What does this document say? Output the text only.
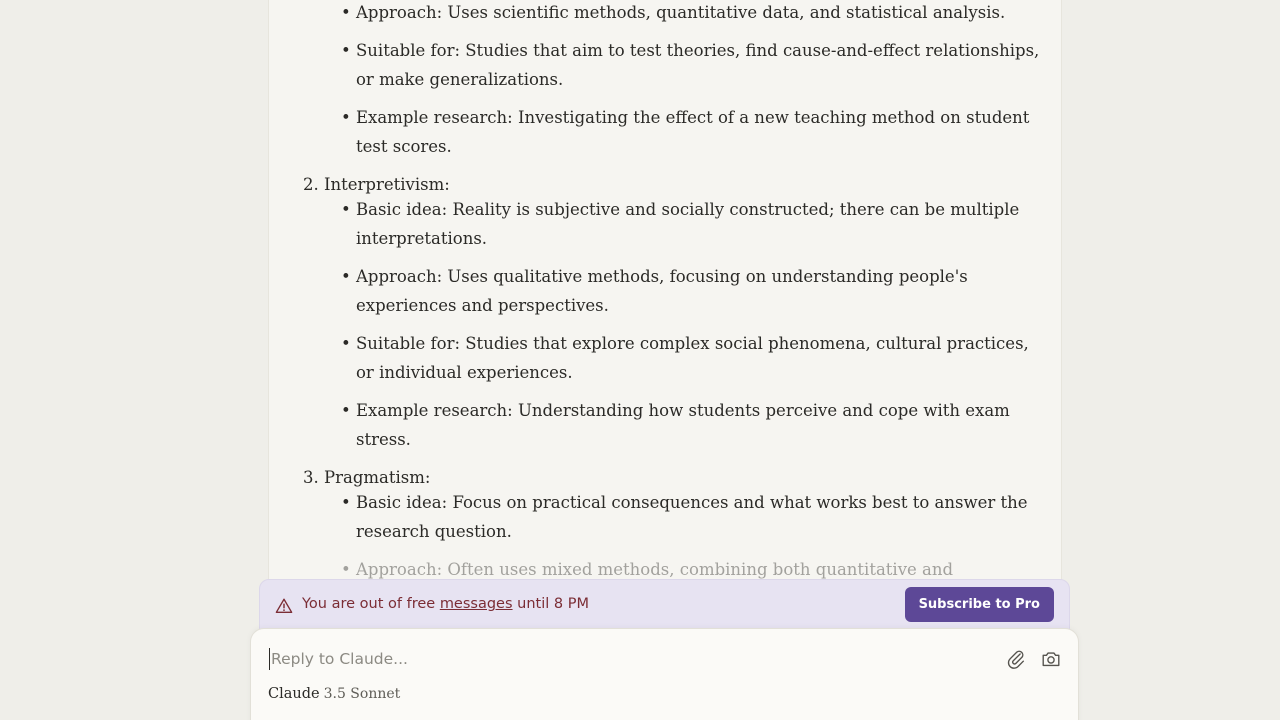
• Approach: Uses scientific methods, quantitative data, and statistical analysis.
• Suitable for: Studies that aim to test theories, find cause-and-effect relationships,
or make generalizations.
• Example research: Investigating the effect of a new teaching method on student
test scores.
2. Interpretivism:
• Basic idea: Reality is subjective and socially constructed; there can be multiple
interpretations.
• Approach: Uses qualitative methods, focusing on understanding people's
experiences and perspectives.
• Suitable for: Studies that explore complex social phenomena, cultural practices,
or individual experiences.
• Example research: Understanding how students perceive and cope with exam
stress.
3. Pragmatism:
• Basic idea: Focus on practical consequences and what works best to answer the
research question.
• Approach: Often uses mixed methods, combining both quantitative and
You are out of free messages until 8 PM	Subscribe to Pro
Reply to Claude...
Claude 3.5 Sonnet
